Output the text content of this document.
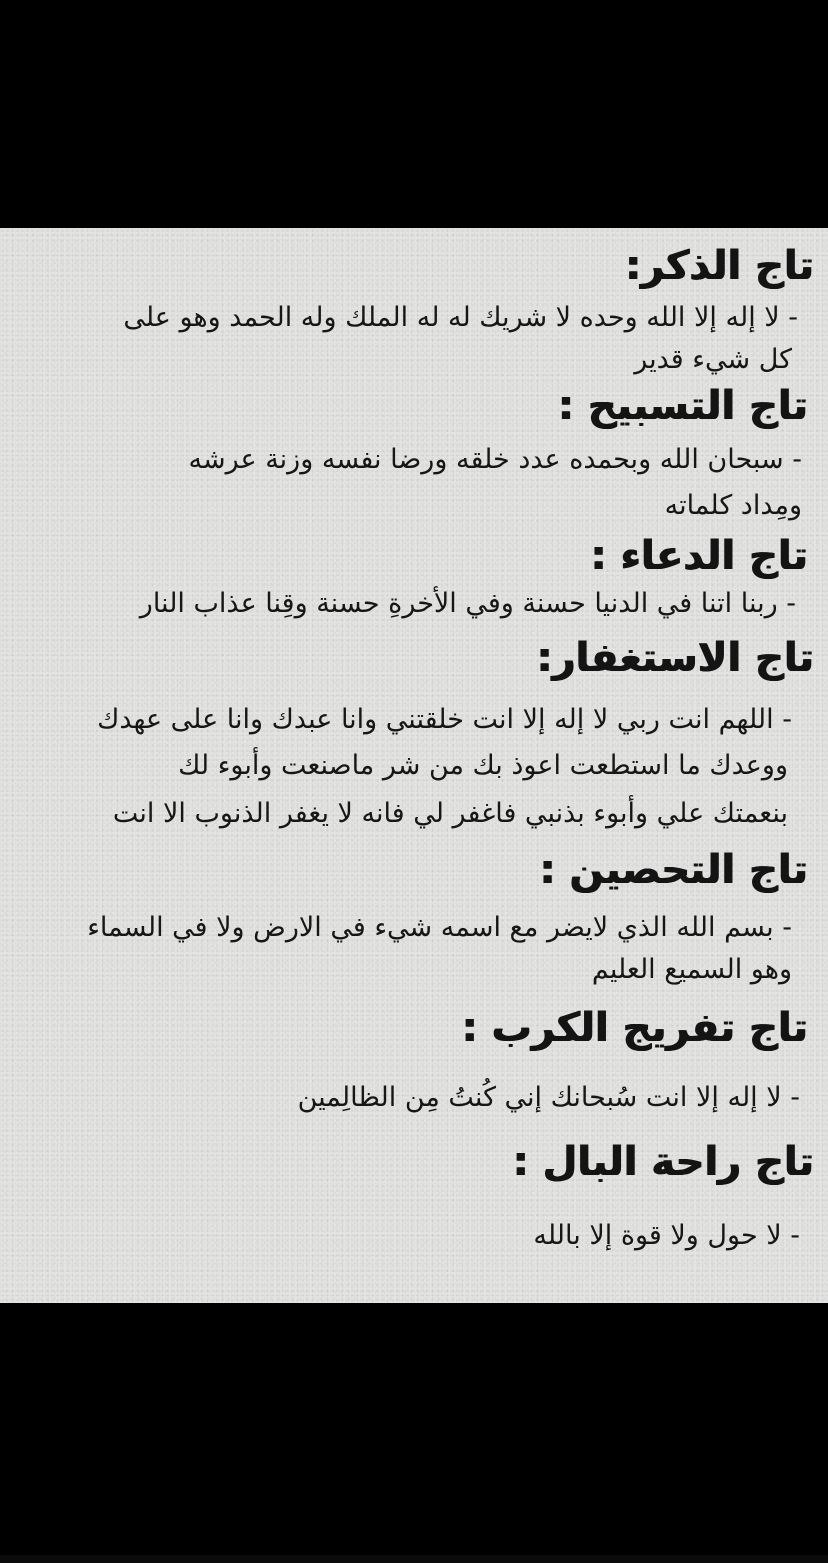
تاج الذكر:

- لا إله إلا الله وحده لا شريك له له الملك وله الحمد وهو على

كل شيء قدير

تاج التسبيح :

- سبحان الله وبحمده عدد خلقه ورضا نفسه وزنة عرشه

ومِداد كلماته

تاج الدعاء :

- ربنا اتنا في الدنيا حسنة وفي الأخرةِ حسنة وقِنا عذاب النار

تاج الاستغفار:

- اللهم انت ربي لا إله إلا انت خلقتني وانا عبدك وانا على عهدك

ووعدك ما استطعت اعوذ بك من شر ماصنعت وأبوء لك

بنعمتك علي وأبوء بذنبي فاغفر لي فانه لا يغفر الذنوب الا انت

تاج التحصين :

- بسم الله الذي لايضر مع اسمه شيء في الارض ولا في السماء

وهو السميع العليم

تاج تفريج الكرب :

- لا إله إلا انت سُبحانك إني كُنتُ مِن الظالِمين

تاج راحة البال :

- لا حول ولا قوة إلا بالله
